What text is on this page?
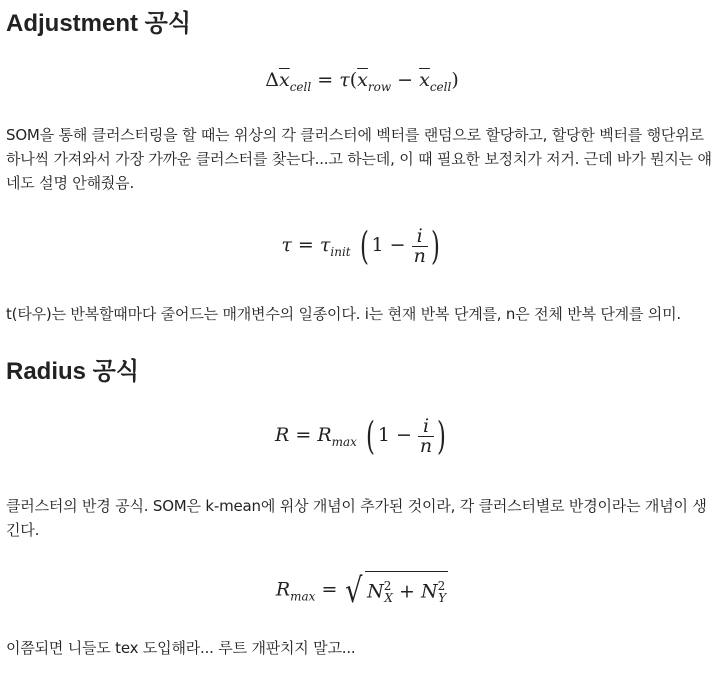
Adjustment 공식
$\Delta\overline{x}_{cell} = \tau(\overline{x}_{row} - \overline{x}_{cell})$

SOM을 통해 클러스터링을 할 때는 위상의 각 클러스터에 벡터를 랜덤으로 할당하고, 할당한 벡터를 행단위로 하나씩 가져와서 가장 가까운 클러스터를 찾는다...고 하는데, 이 때 필요한 보정치가 저거. 근데 바가 뭔지는 얘네도 설명 안해줬음.

$\tau = \tau_{init}$ ( $1 - \frac{i}{n}$ )

t(타우)는 반복할때마다 줄어드는 매개변수의 일종이다. i는 현재 반복 단계를, n은 전체 반복 단계를 의미.

Radius 공식
$R = R_{max}$ ( $1 - \frac{i}{n}$ )

클러스터의 반경 공식. SOM은 k-mean에 위상 개념이 추가된 것이라, 각 클러스터별로 반경이라는 개념이 생긴다.

$R_{max}$ = √ $N^2_X + N^2_Y$

이쯤되면 니들도 tex 도입해라... 루트 개판치지 말고...
